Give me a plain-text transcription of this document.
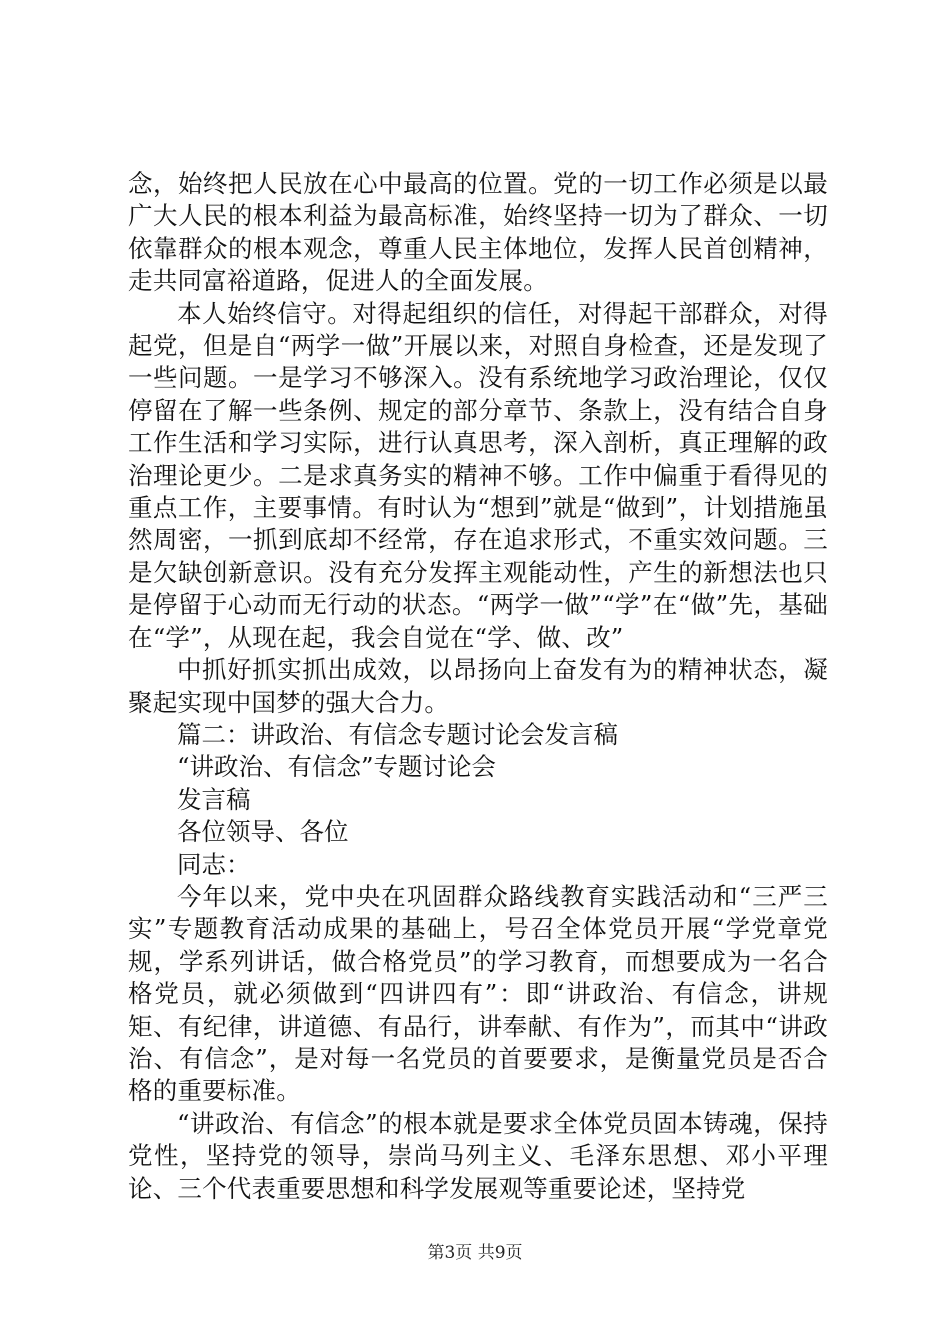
念，始终把人民放在心中最高的位置。党的一切工作必须是以最广大人民的根本利益为最高标准，始终坚持一切为了群众、一切依靠群众的根本观念，尊重人民主体地位，发挥人民首创精神，走共同富裕道路，促进人的全面发展。

本人始终信守。对得起组织的信任，对得起干部群众，对得起党，但是自“两学一做”开展以来，对照自身检查，还是发现了一些问题。一是学习不够深入。没有系统地学习政治理论，仅仅停留在了解一些条例、规定的部分章节、条款上，没有结合自身工作生活和学习实际，进行认真思考，深入剖析，真正理解的政治理论更少。二是求真务实的精神不够。工作中偏重于看得见的重点工作，主要事情。有时认为“想到”就是“做到”，计划措施虽然周密，一抓到底却不经常，存在追求形式，不重实效问题。三是欠缺创新意识。没有充分发挥主观能动性，产生的新想法也只是停留于心动而无行动的状态。“两学一做”“学”在“做”先，基础在“学”，从现在起，我会自觉在“学、做、改”

中抓好抓实抓出成效，以昂扬向上奋发有为的精神状态，凝聚起实现中国梦的强大合力。

篇二：讲政治、有信念专题讨论会发言稿

“讲政治、有信念”专题讨论会

发言稿

各位领导、各位

同志：

今年以来，党中央在巩固群众路线教育实践活动和“三严三实”专题教育活动成果的基础上，号召全体党员开展“学党章党规，学系列讲话，做合格党员”的学习教育，而想要成为一名合格党员，就必须做到“四讲四有”：即“讲政治、有信念，讲规矩、有纪律，讲道德、有品行，讲奉献、有作为”，而其中“讲政治、有信念”，是对每一名党员的首要要求，是衡量党员是否合格的重要标准。

“讲政治、有信念”的根本就是要求全体党员固本铸魂，保持党性，坚持党的领导，崇尚马列主义、毛泽东思想、邓小平理论、三个代表重要思想和科学发展观等重要论述，坚持党

第3页 共9页
